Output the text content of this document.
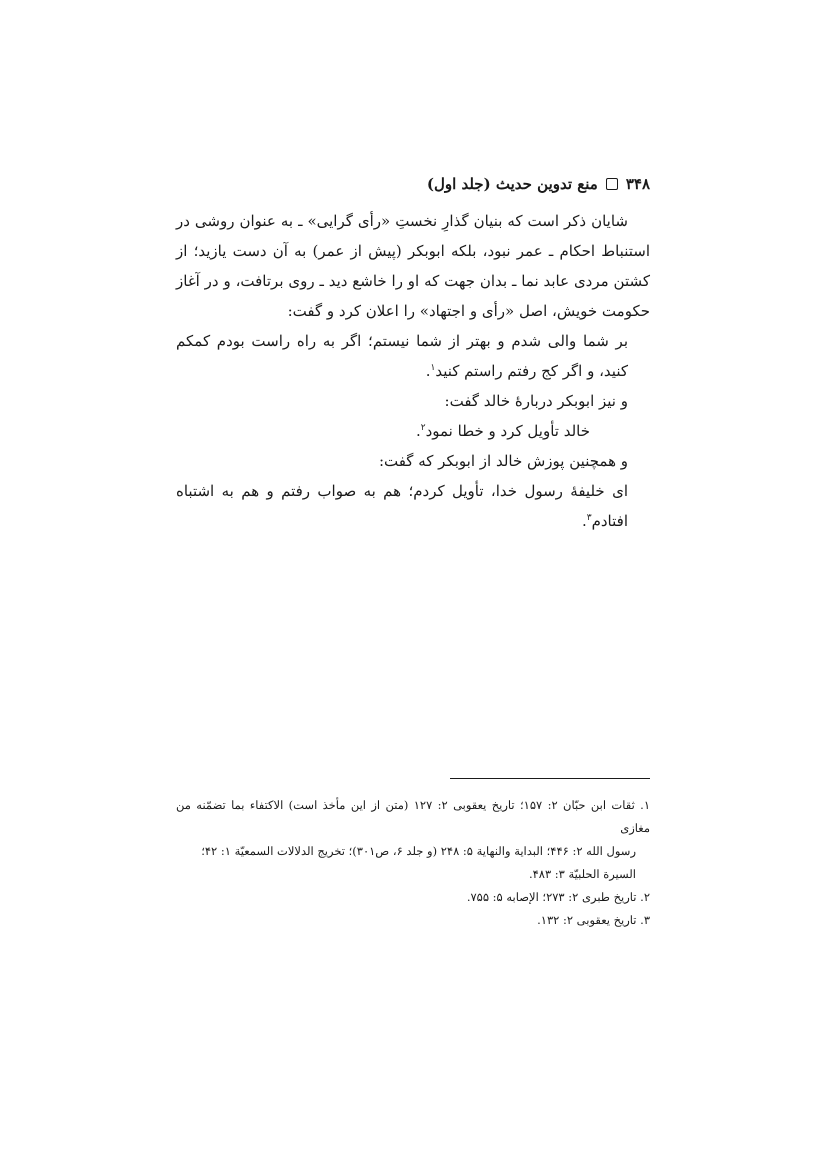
۳۴۸
منع تدوین حدیث (جلد اول)

شایان ذکر است که بنیان گذارِ نخستِ «رأی گرایی» ـ به عنوان روشی در استنباط احکام ـ عمر نبود، بلکه ابوبکر (پیش از عمر) به آن دست یازید؛ از کشتن مردی عابد نما ـ بدان جهت که او را خاشع دید ـ روی برتافت، و در آغاز حکومت خویش، اصل «رأی و اجتهاد» را اعلان کرد و گفت:

بر شما والی شدم و بهتر از شما نیستم؛ اگر به راه راست بودم کمکم کنید، و اگر کج رفتم راستم کنید$^۱$.

و نیز ابوبکر دربارهٔ خالد گفت:

خالد تأویل کرد و خطا نمود$^۲$.

و همچنین پوزش خالد از ابوبکر که گفت:

ای خلیفهٔ رسول خدا، تأویل کردم؛ هم به صواب رفتم و هم به اشتباه افتادم$^۳$.

۱. ثقات ابن حبّان ۲: ۱۵۷؛ تاریخ یعقوبی ۲: ۱۲۷ (متن از این مأخذ است) الاکتفاء بما تضمّنه من مغازی

رسول الله ۲: ۴۴۶؛ البدایة والنهایة ۵: ۲۴۸ (و جلد ۶، ص۳۰۱)؛ تخریج الدلالات السمعیّة ۱: ۴۲؛

السیرة الحلبیّة ۳: ۴۸۳.

۲. تاریخ طبری ۲: ۲۷۳؛ الإصابه ۵: ۷۵۵.

۳. تاریخ یعقوبی ۲: ۱۳۲.
